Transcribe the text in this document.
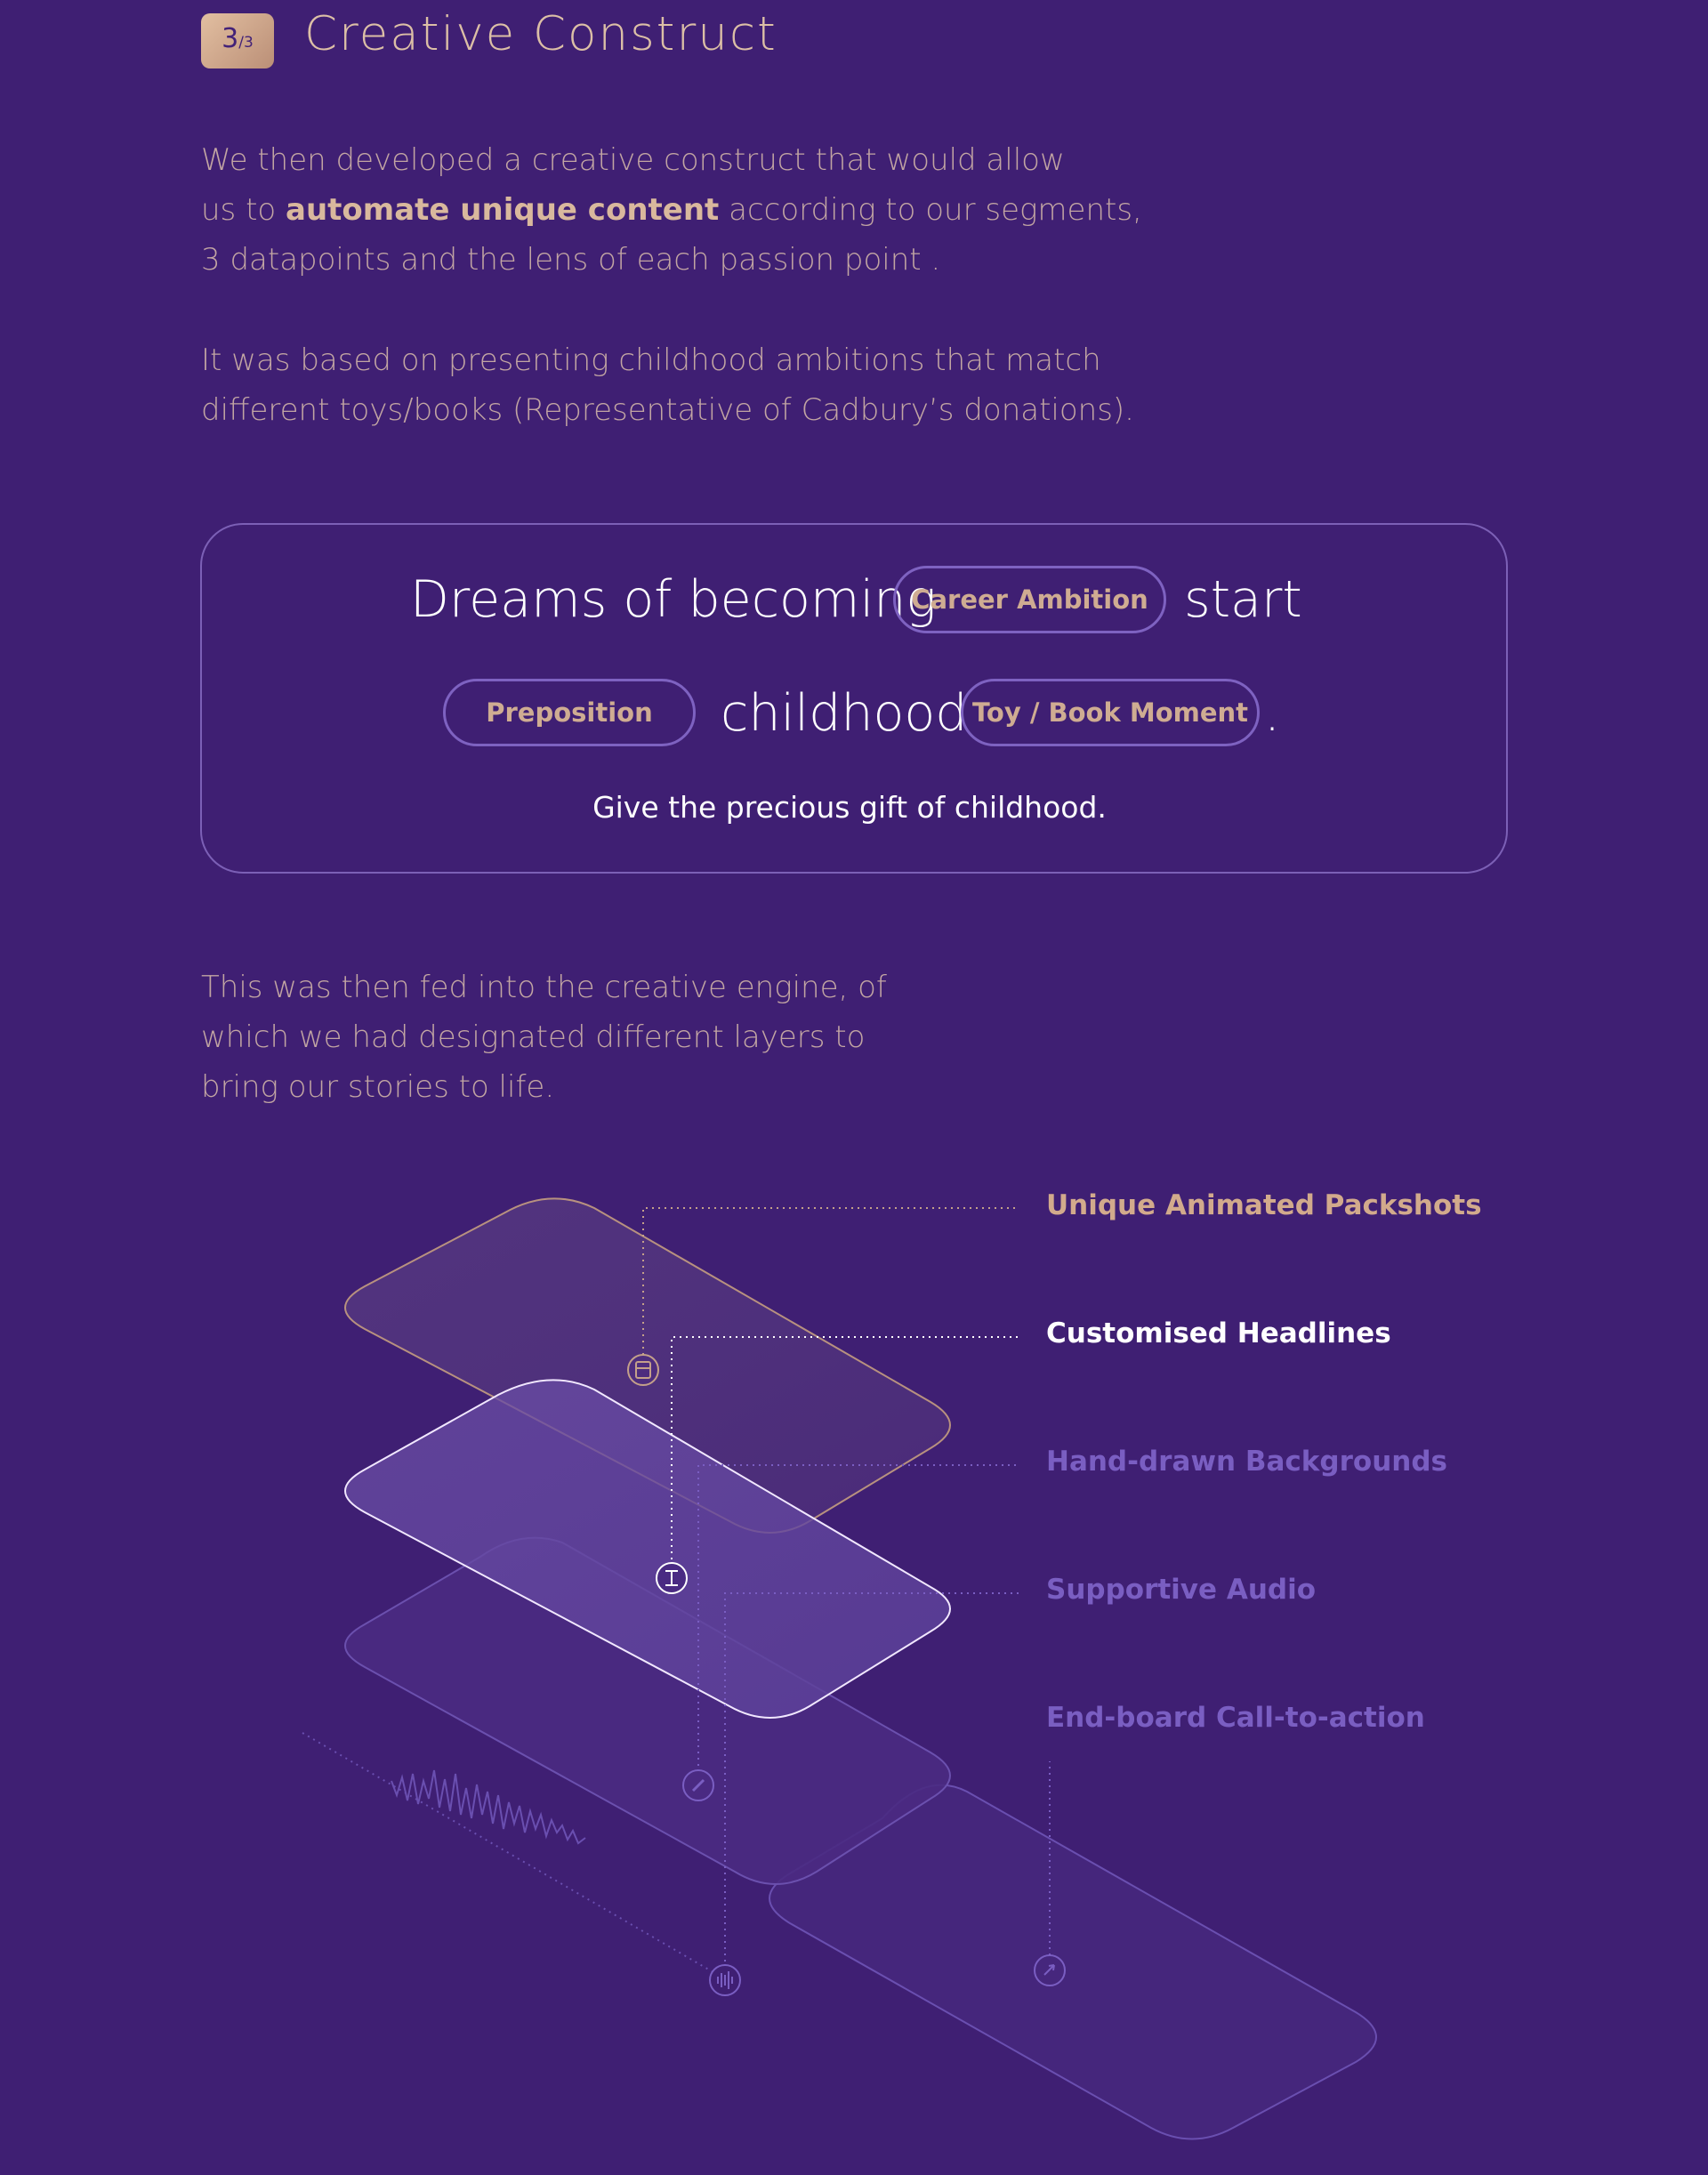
3 /3 Creative Construct
We then developed a creative construct that would allow
us to automate unique content according to our segments,
3 datapoints and the lens of each passion point .
It was based on presenting childhood ambitions that match
different toys/books (Representative of Cadbury’s donations).
Dreams of becoming
Career Ambition start
Preposition	childhood Toy / Book Moment .
Give the precious gift of childhood.
This was then fed into the creative engine, of
which we had designated different layers to
bring our stories to life.
Unique Animated Packshots
Customised Headlines
Hand-drawn Backgrounds
Supportive Audio
End-board Call-to-action
